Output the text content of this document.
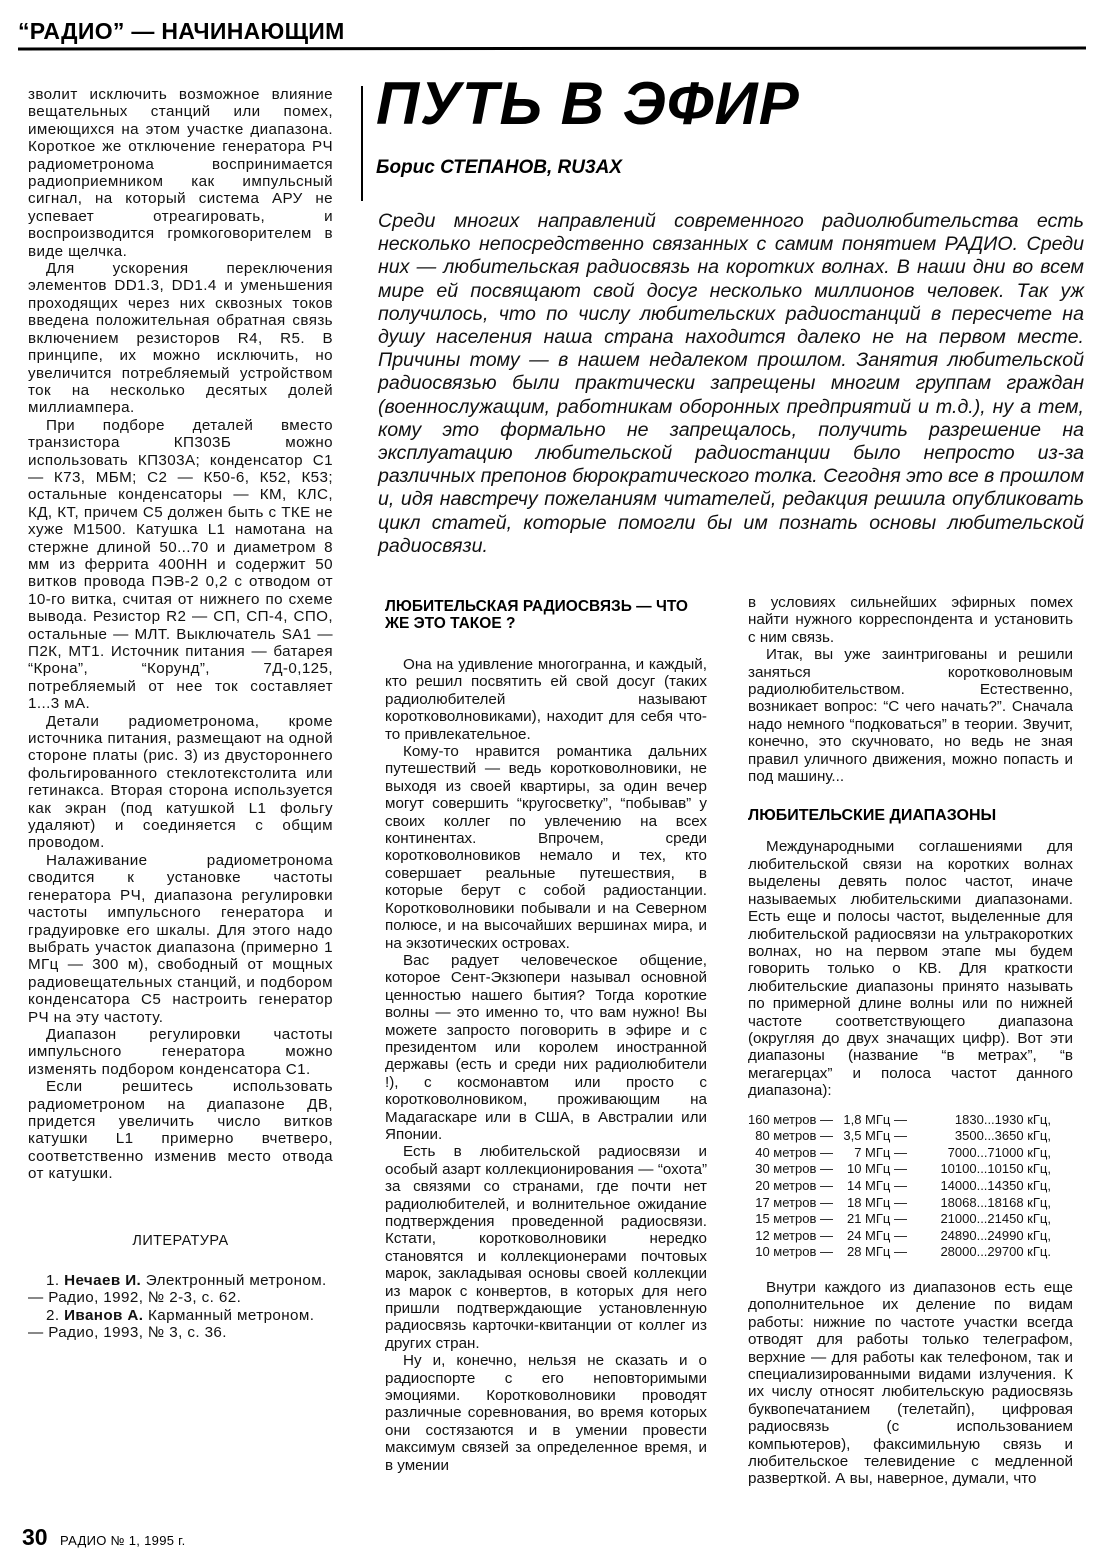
“РАДИО” — НАЧИНАЮЩИМ

зволит исключить возможное влияние вещательных станций или помех, имеющихся на этом участке диапазона. Короткое же отключение генератора РЧ радиометронома воспринимается радиоприемником как импульсный сигнал, на который система АРУ не успевает отреагировать, и воспроизводится громкоговорителем в виде щелчка.

Для ускорения переключения элементов DD1.3, DD1.4 и уменьшения проходящих через них сквозных токов введена положительная обратная связь включением резисторов R4, R5. В принципе, их можно исключить, но увеличится потребляемый устройством ток на несколько десятых долей миллиампера.

При подборе деталей вместо транзистора КП303Б можно использовать КП303А; конденсатор С1 — К73, МБМ; С2 — К50-6, К52, К53; остальные конденсаторы — КМ, КЛС, КД, КТ, причем С5 должен быть с ТКЕ не хуже М1500. Катушка L1 намотана на стержне длиной 50...70 и диаметром 8 мм из феррита 400НН и содержит 50 витков провода ПЭВ-2 0,2 с отводом от 10-го витка, считая от нижнего по схеме вывода. Резистор R2 — СП, СП-4, СПО, остальные — МЛТ. Выключатель SA1 — П2К, МТ1. Источник питания — батарея “Крона”, “Корунд”, 7Д-0,125, потребляемый от нее ток составляет 1...3 мА.

Детали радиометронома, кроме источника питания, размещают на одной стороне платы (рис. 3) из двустороннего фольгированного стеклотекстолита или гетинакса. Вторая сторона используется как экран (под катушкой L1 фольгу удаляют) и соединяется с общим проводом.

Налаживание радиометронома сводится к установке частоты генератора РЧ, диапазона регулировки частоты импульсного генератора и градуировке его шкалы. Для этого надо выбрать участок диапазона (примерно 1 МГц — 300 м), свободный от мощных радиовещательных станций, и подбором конденсатора С5 настроить генератор РЧ на эту частоту.

Диапазон регулировки частоты импульсного генератора можно изменять подбором конденсатора С1.

Если решитесь использовать радиометроном на диапазоне ДВ, придется увеличить число витков катушки L1 примерно вчетверо, соответственно изменив место отвода от катушки.

ЛИТЕРАТУРА

1. Нечаев И. Электронный метроном. — Радио, 1992, № 2-3, с. 62.

2. Иванов А. Карманный метроном. — Радио, 1993, № 3, с. 36.

ПУТЬ В ЭФИР
Борис СТЕПАНОВ, RU3AX
Среди многих направлений современного радиолюбительства есть несколько непосредственно связанных с самим понятием РАДИО. Среди них — любительская радиосвязь на коротких волнах. В наши дни во всем мире ей посвящают свой досуг несколько миллионов человек. Так уж получилось, что по числу любительских радиостанций в пересчете на душу населения наша страна находится далеко не на первом месте. Причины тому — в нашем недалеком прошлом. Занятия любительской радиосвязью были практически запрещены многим группам граждан (военнослужащим, работникам оборонных предприятий и т.д.), ну а тем, кому это формально не запрещалось, получить разрешение на эксплуатацию любительской радиостанции было непросто из-за различных препонов бюрократического толка. Сегодня это все в прошлом и, идя навстречу пожеланиям читателей, редакция решила опубликовать цикл статей, которые помогли бы им познать основы любительской радиосвязи.
ЛЮБИТЕЛЬСКАЯ РАДИОСВЯЗЬ — ЧТО ЖЕ ЭТО ТАКОЕ ?

Она на удивление многогранна, и каждый, кто решил посвятить ей свой досуг (таких радиолюбителей называют коротковолновиками), находит для себя что-то привлекательное.

Кому-то нравится романтика дальних путешествий — ведь коротковолновики, не выходя из своей квартиры, за один вечер могут совершить “кругосветку”, “побывав” у своих коллег по увлечению на всех континентах. Впрочем, среди коротковолновиков немало и тех, кто совершает реальные путешествия, в которые берут с собой радиостанции. Коротковолновики побывали и на Северном полюсе, и на высочайших вершинах мира, и на экзотических островах.

Вас радует человеческое общение, которое Сент-Экзюпери называл основной ценностью нашего бытия? Тогда короткие волны — это именно то, что вам нужно! Вы можете запросто поговорить в эфире и с президентом или королем иностранной державы (есть и среди них радиолюбители !), с космонавтом или просто с коротковолновиком, проживающим на Мадагаскаре или в США, в Австралии или Японии.

Есть в любительской радиосвязи и особый азарт коллекционирования — “охота” за связями со странами, где почти нет радиолюбителей, и волнительное ожидание подтверждения проведенной радиосвязи. Кстати, коротковолновики нередко становятся и коллекционерами почтовых марок, закладывая основы своей коллекции из марок с конвертов, в которых для него пришли подтверждающие установленную радиосвязь карточки-квитанции от коллег из других стран.

Ну и, конечно, нельзя не сказать и о радиоспорте с его неповторимыми эмоциями. Коротковолновики проводят различные соревнования, во время которых они состязаются и в умении провести максимум связей за определенное время, и в умении

в условиях сильнейших эфирных помех найти нужного корреспондента и установить с ним связь.

Итак, вы уже заинтригованы и решили заняться коротковолновым радиолюбительством. Естественно, возникает вопрос: “С чего начать?”. Сначала надо немного “подковаться” в теории. Звучит, конечно, это скучновато, но ведь не зная правил уличного движения, можно попасть и под машину...

ЛЮБИТЕЛЬСКИЕ ДИАПАЗОНЫ

Международными соглашениями для любительской связи на коротких волнах выделены девять полос частот, иначе называемых любительскими диапазонами. Есть еще и полосы частот, выделенные для любительской радиосвязи на ультракоротких волнах, но на первом этапе мы будем говорить только о КВ. Для краткости любительские диапазоны принято называть по примерной длине волны или по нижней частоте соответствующего диапазона (округляя до двух значащих цифр). Вот эти диапазоны (название “в метрах”, “в мегагерцах” и полоса частот данного диапазона):

160 метров —	1,8 МГц —	1830...1930 кГц,
80 метров —	3,5 МГц —	3500...3650 кГц,
40 метров —	7 МГц —	7000...71000 кГц,
30 метров —	10 МГц —	10100...10150 кГц,
20 метров —	14 МГц —	14000...14350 кГц,
17 метров —	18 МГц —	18068...18168 кГц,
15 метров —	21 МГц —	21000...21450 кГц,
12 метров —	24 МГц —	24890...24990 кГц,
10 метров —	28 МГц —	28000...29700 кГц.

Внутри каждого из диапазонов есть еще дополнительное их деление по видам работы: нижние по частоте участки всегда отводят для работы только телеграфом, верхние — для работы как телефоном, так и специализированными видами излучения. К их числу относят любительскую радиосвязь буквопечатанием (телетайп), цифровая радиосвязь (с использованием компьютеров), факсимильную связь и любительское телевидение с медленной разверткой. А вы, наверное, думали, что

30 РАДИО № 1, 1995 г.
